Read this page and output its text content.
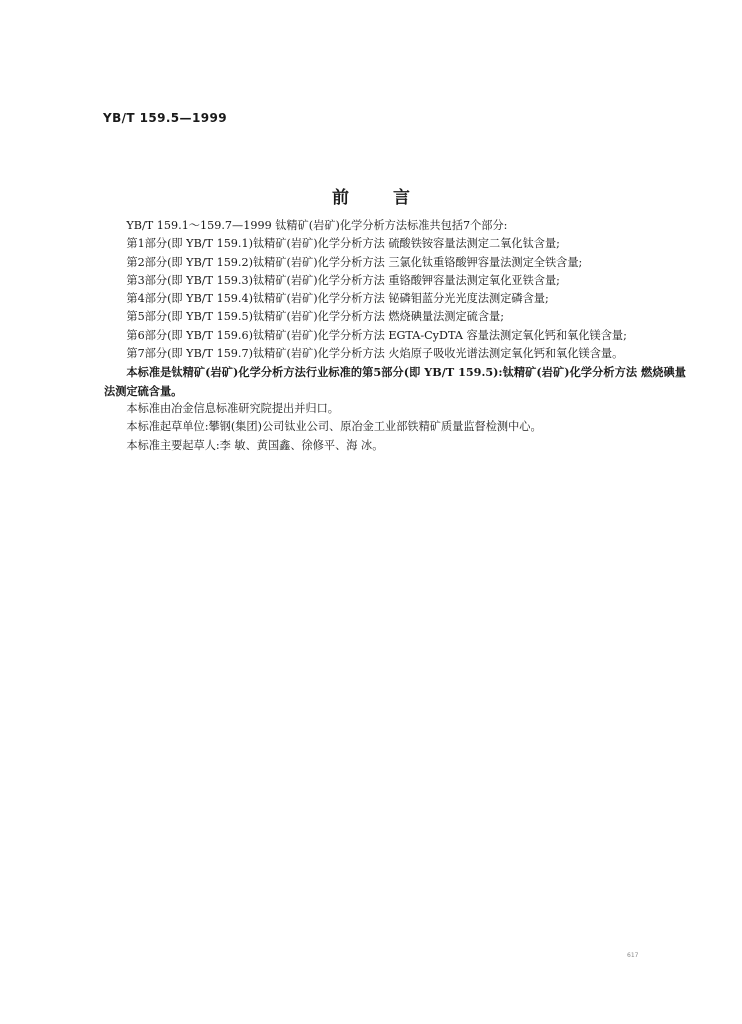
YB/T 159.5—1999
前	言

YB/T 159.1～159.7—1999 钛精矿(岩矿)化学分析方法标准共包括7个部分:

第1部分(即 YB/T 159.1)钛精矿(岩矿)化学分析方法 硫酸铁铵容量法测定二氧化钛含量;

第2部分(即 YB/T 159.2)钛精矿(岩矿)化学分析方法 三氯化钛重铬酸钾容量法测定全铁含量;

第3部分(即 YB/T 159.3)钛精矿(岩矿)化学分析方法 重铬酸钾容量法测定氧化亚铁含量;

第4部分(即 YB/T 159.4)钛精矿(岩矿)化学分析方法 铋磷钼蓝分光光度法测定磷含量;

第5部分(即 YB/T 159.5)钛精矿(岩矿)化学分析方法 燃烧碘量法测定硫含量;

第6部分(即 YB/T 159.6)钛精矿(岩矿)化学分析方法 EGTA-CyDTA 容量法测定氧化钙和氧化镁含量;

第7部分(即 YB/T 159.7)钛精矿(岩矿)化学分析方法 火焰原子吸收光谱法测定氧化钙和氧化镁含量。

本标准是钛精矿(岩矿)化学分析方法行业标准的第5部分(即 YB/T 159.5):钛精矿(岩矿)化学分析方法 燃烧碘量法测定硫含量。

本标准由冶金信息标准研究院提出并归口。

本标准起草单位:攀钢(集团)公司钛业公司、原冶金工业部铁精矿质量监督检测中心。

本标准主要起草人:李 敏、黄国鑫、徐修平、海 冰。

617
